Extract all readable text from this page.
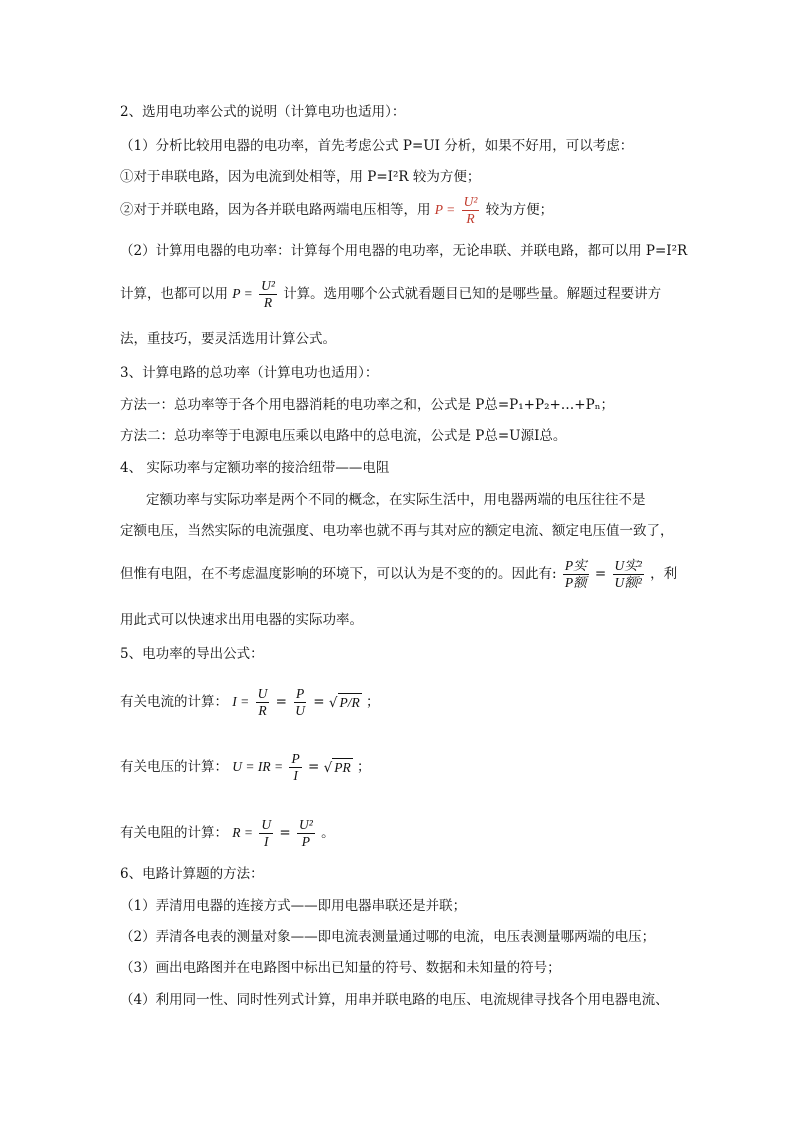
2、选用电功率公式的说明（计算电功也适用）：
（1）分析比较用电器的电功率，首先考虑公式 P=UI 分析，如果不好用，可以考虑：
①对于串联电路，因为电流到处相等，用 P=I²R 较为方便；
②对于并联电路，因为各并联电路两端电压相等，用 $P = \frac{\text{U²}}{R}$ 较为方便；
（2）计算用电器的电功率：计算每个用电器的电功率，无论串联、并联电路，都可以用 P=I²R
计算，也都可以用 $P = \frac{\text{U²}}{R}$ 计算。选用哪个公式就看题目已知的是哪些量。解题过程要讲方
法，重技巧，要灵活选用计算公式。
3、计算电路的总功率（计算电功也适用）：
方法一：总功率等于各个用电器消耗的电功率之和，公式是 P总=P₁+P₂+…+Pₙ；
方法二：总功率等于电源电压乘以电路中的总电流，公式是 P总=U源I总。
4、 实际功率与定额功率的接洽纽带——电阻
定额功率与实际功率是两个不同的概念，在实际生活中，用电器两端的电压往往不是
定额电压，当然实际的电流强度、电功率也就不再与其对应的额定电流、额定电压值一致了，
但惟有电阻，在不考虑温度影响的环境下，可以认为是不变的的。因此有: $\frac{\text{P实}}{\text{P额}} = \frac{\text{U实²}}{\text{U额²}}$ ，利
用此式可以快速求出用电器的实际功率。
5、电功率的导出公式：
有关电流的计算： $I = \frac{U}{R} = \frac{P}{U}$ = √ P/R ；
有关电压的计算： U = IR = $\frac{P}{I}$ = √ PR ；
有关电阻的计算： $R = \frac{U}{I} = \frac{\text{U²}}{P}$ 。
6、电路计算题的方法：
（1）弄清用电器的连接方式——即用电器串联还是并联；
（2）弄清各电表的测量对象——即电流表测量通过哪的电流，电压表测量哪两端的电压；
（3）画出电路图并在电路图中标出已知量的符号、数据和未知量的符号；
（4）利用同一性、同时性列式计算，用串并联电路的电压、电流规律寻找各个用电器电流、
